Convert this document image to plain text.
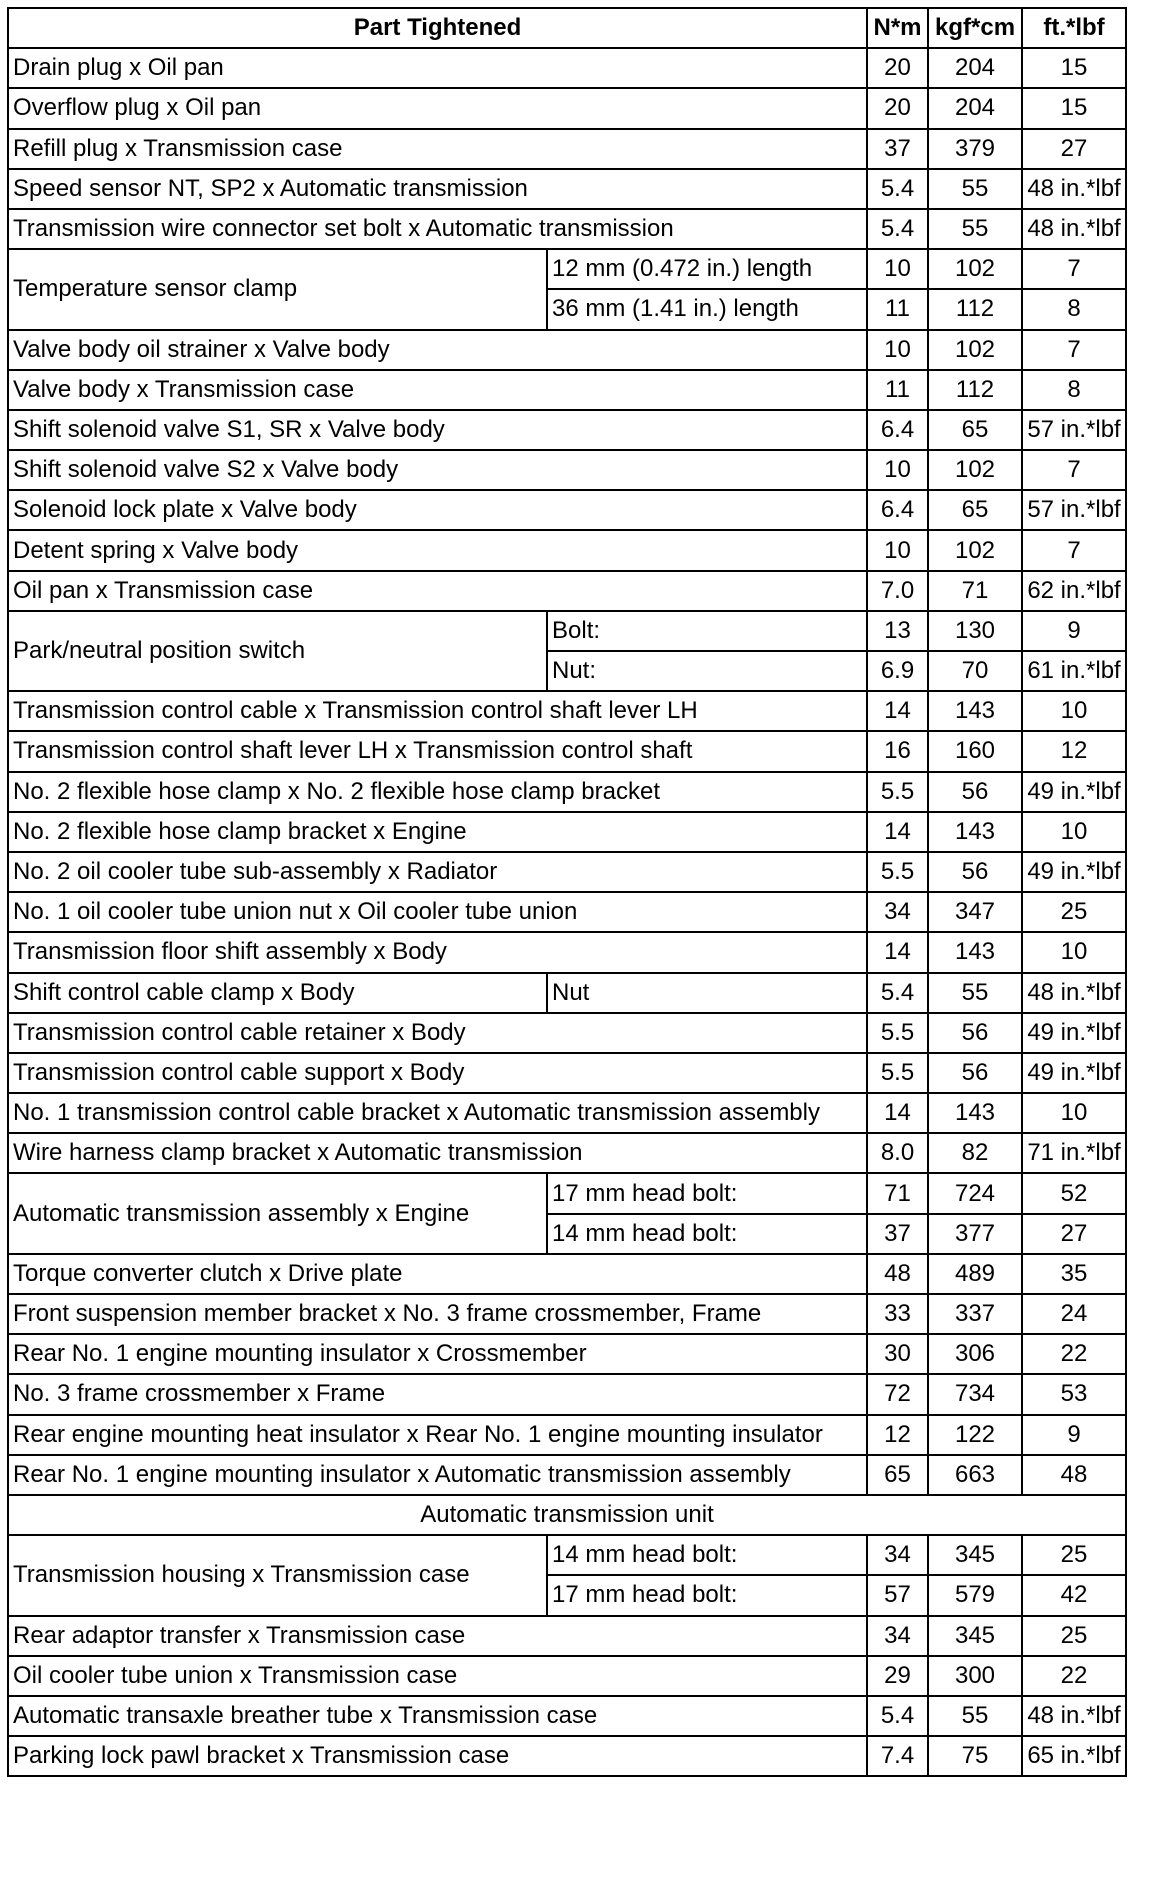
Part Tightened		N*m	kgf*cm	ft.*lbf
Drain plug x Oil pan		20	204	15
Overflow plug x Oil pan		20	204	15
Refill plug x Transmission case		37	379	27
Speed sensor NT, SP2 x Automatic transmission		5.4	55	48 in.*lbf
Transmission wire connector set bolt x Automatic transmission		5.4	55	48 in.*lbf
Temperature sensor clamp	12 mm (0.472 in.) length	10	102	7
	36 mm (1.41 in.) length	11	112	8
Valve body oil strainer x Valve body		10	102	7
Valve body x Transmission case		11	112	8
Shift solenoid valve S1, SR x Valve body		6.4	65	57 in.*lbf
Shift solenoid valve S2 x Valve body		10	102	7
Solenoid lock plate x Valve body		6.4	65	57 in.*lbf
Detent spring x Valve body		10	102	7
Oil pan x Transmission case		7.0	71	62 in.*lbf
Park/neutral position switch	Bolt:	13	130	9
	Nut:	6.9	70	61 in.*lbf
Transmission control cable x Transmission control shaft lever LH		14	143	10
Transmission control shaft lever LH x Transmission control shaft		16	160	12
No. 2 flexible hose clamp x No. 2 flexible hose clamp bracket		5.5	56	49 in.*lbf
No. 2 flexible hose clamp bracket x Engine		14	143	10
No. 2 oil cooler tube sub-assembly x Radiator		5.5	56	49 in.*lbf
No. 1 oil cooler tube union nut x Oil cooler tube union		34	347	25
Transmission floor shift assembly x Body		14	143	10
Shift control cable clamp x Body	Nut	5.4	55	48 in.*lbf
Transmission control cable retainer x Body		5.5	56	49 in.*lbf
Transmission control cable support x Body		5.5	56	49 in.*lbf
No. 1 transmission control cable bracket x Automatic transmission assembly		14	143	10
Wire harness clamp bracket x Automatic transmission		8.0	82	71 in.*lbf
Automatic transmission assembly x Engine	17 mm head bolt:	71	724	52
	14 mm head bolt:	37	377	27
Torque converter clutch x Drive plate		48	489	35
Front suspension member bracket x No. 3 frame crossmember, Frame		33	337	24
Rear No. 1 engine mounting insulator x Crossmember		30	306	22
No. 3 frame crossmember x Frame		72	734	53
Rear engine mounting heat insulator x Rear No. 1 engine mounting insulator		12	122	9
Rear No. 1 engine mounting insulator x Automatic transmission assembly		65	663	48
Automatic transmission unit				
Transmission housing x Transmission case	14 mm head bolt:	34	345	25
	17 mm head bolt:	57	579	42
Rear adaptor transfer x Transmission case		34	345	25
Oil cooler tube union x Transmission case		29	300	22
Automatic transaxle breather tube x Transmission case		5.4	55	48 in.*lbf
Parking lock pawl bracket x Transmission case		7.4	75	65 in.*lbf
